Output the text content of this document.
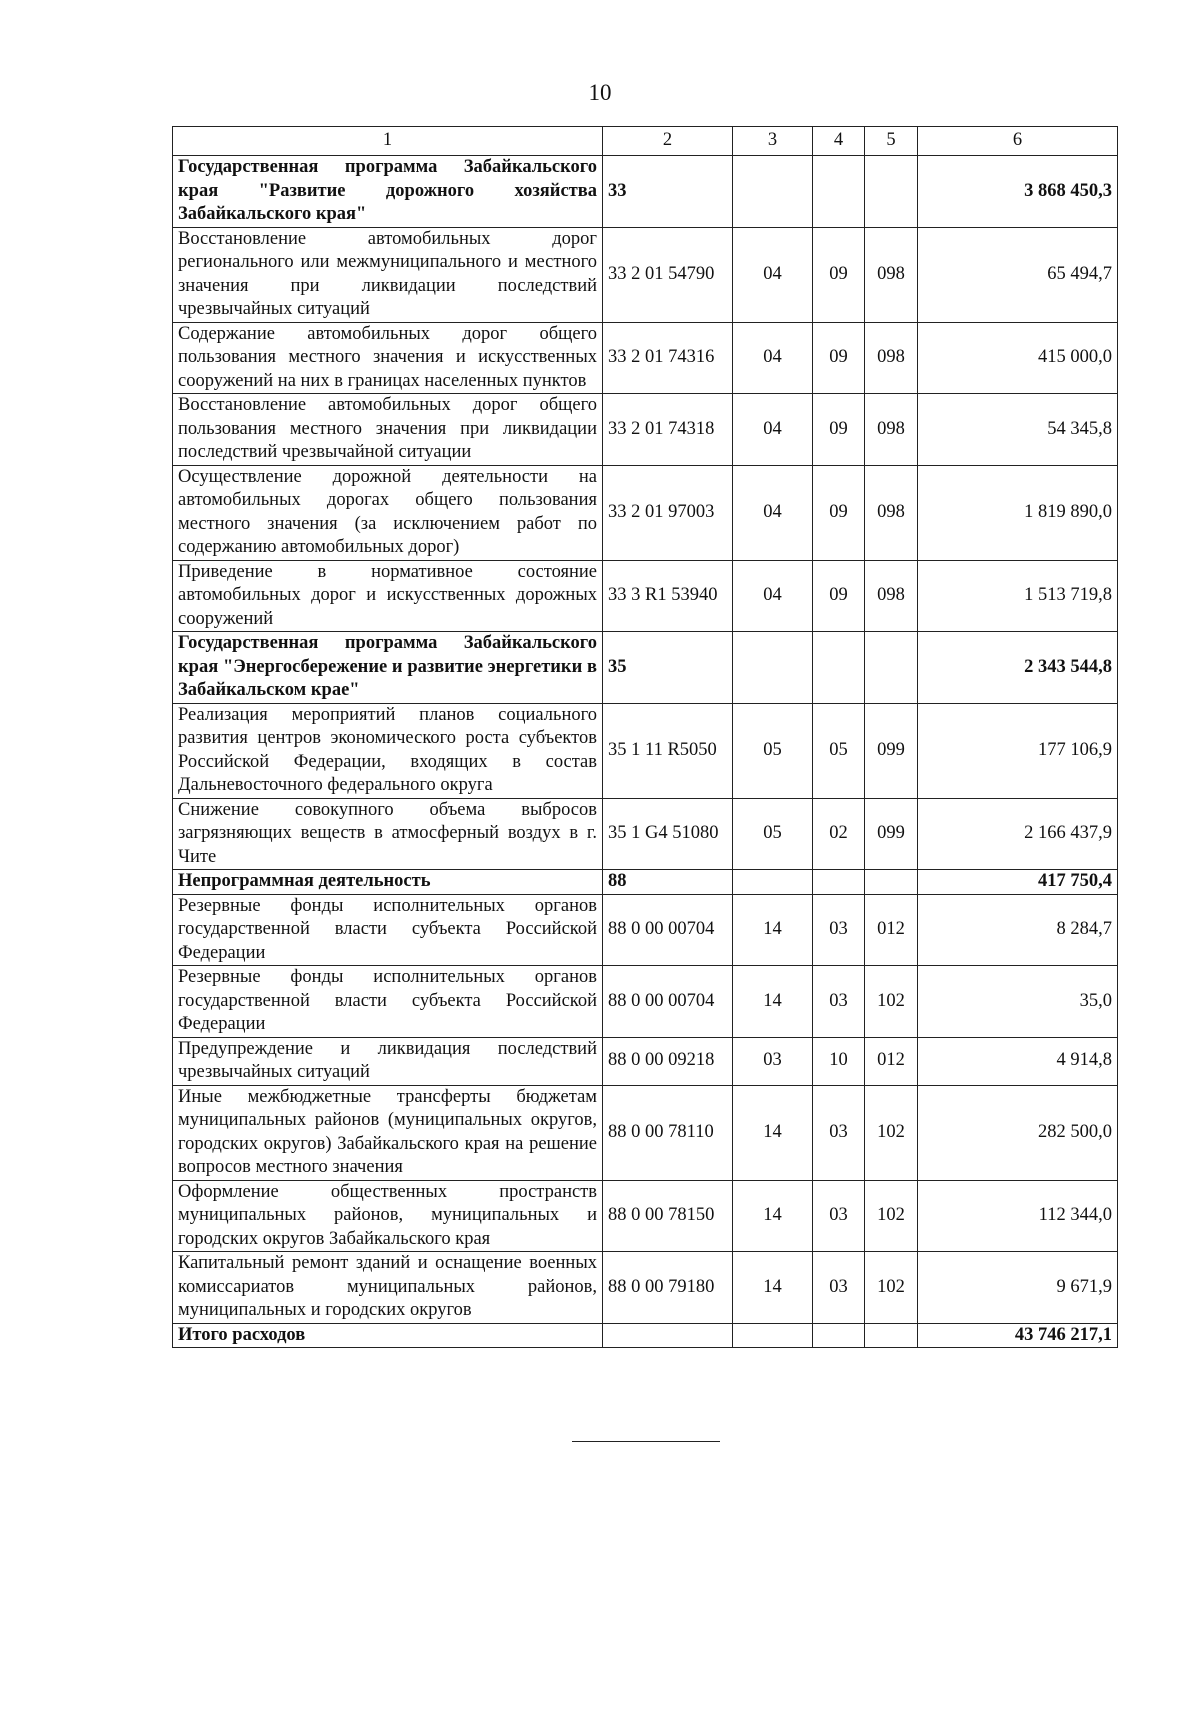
10
1	2	3	4	5	6
Государственная программа Забайкальского края "Развитие дорожного хозяйства Забайкальского края"	33				3 868 450,3
Восстановление автомобильных дорог регионального или межмуниципального и местного значения при ликвидации последствий чрезвычайных ситуаций	33 2 01 54790	04	09	098	65 494,7
Содержание автомобильных дорог общего пользования местного значения и искусственных сооружений на них в границах населенных пунктов	33 2 01 74316	04	09	098	415 000,0
Восстановление автомобильных дорог общего пользования местного значения при ликвидации последствий чрезвычайной ситуации	33 2 01 74318	04	09	098	54 345,8
Осуществление дорожной деятельности на автомобильных дорогах общего пользования местного значения (за исключением работ по содержанию автомобильных дорог)	33 2 01 97003	04	09	098	1 819 890,0
Приведение в нормативное состояние автомобильных дорог и искусственных дорожных сооружений	33 3 R1 53940	04	09	098	1 513 719,8
Государственная программа Забайкальского края "Энергосбережение и развитие энергетики в Забайкальском крае"	35				2 343 544,8
Реализация мероприятий планов социального развития центров экономического роста субъектов Российской Федерации, входящих в состав Дальневосточного федерального округа	35 1 11 R5050	05	05	099	177 106,9
Снижение совокупного объема выбросов загрязняющих веществ в атмосферный воздух в г. Чите	35 1 G4 51080	05	02	099	2 166 437,9
Непрограммная деятельность	88				417 750,4
Резервные фонды исполнительных органов государственной власти субъекта Российской Федерации	88 0 00 00704	14	03	012	8 284,7
Резервные фонды исполнительных органов государственной власти субъекта Российской Федерации	88 0 00 00704	14	03	102	35,0
Предупреждение и ликвидация последствий чрезвычайных ситуаций	88 0 00 09218	03	10	012	4 914,8
Иные межбюджетные трансферты бюджетам муниципальных районов (муниципальных округов, городских округов) Забайкальского края на решение вопросов местного значения	88 0 00 78110	14	03	102	282 500,0
Оформление общественных пространств муниципальных районов, муниципальных и городских округов Забайкальского края	88 0 00 78150	14	03	102	112 344,0
Капитальный ремонт зданий и оснащение военных комиссариатов муниципальных районов, муниципальных и городских округов	88 0 00 79180	14	03	102	9 671,9
Итого расходов					43 746 217,1
